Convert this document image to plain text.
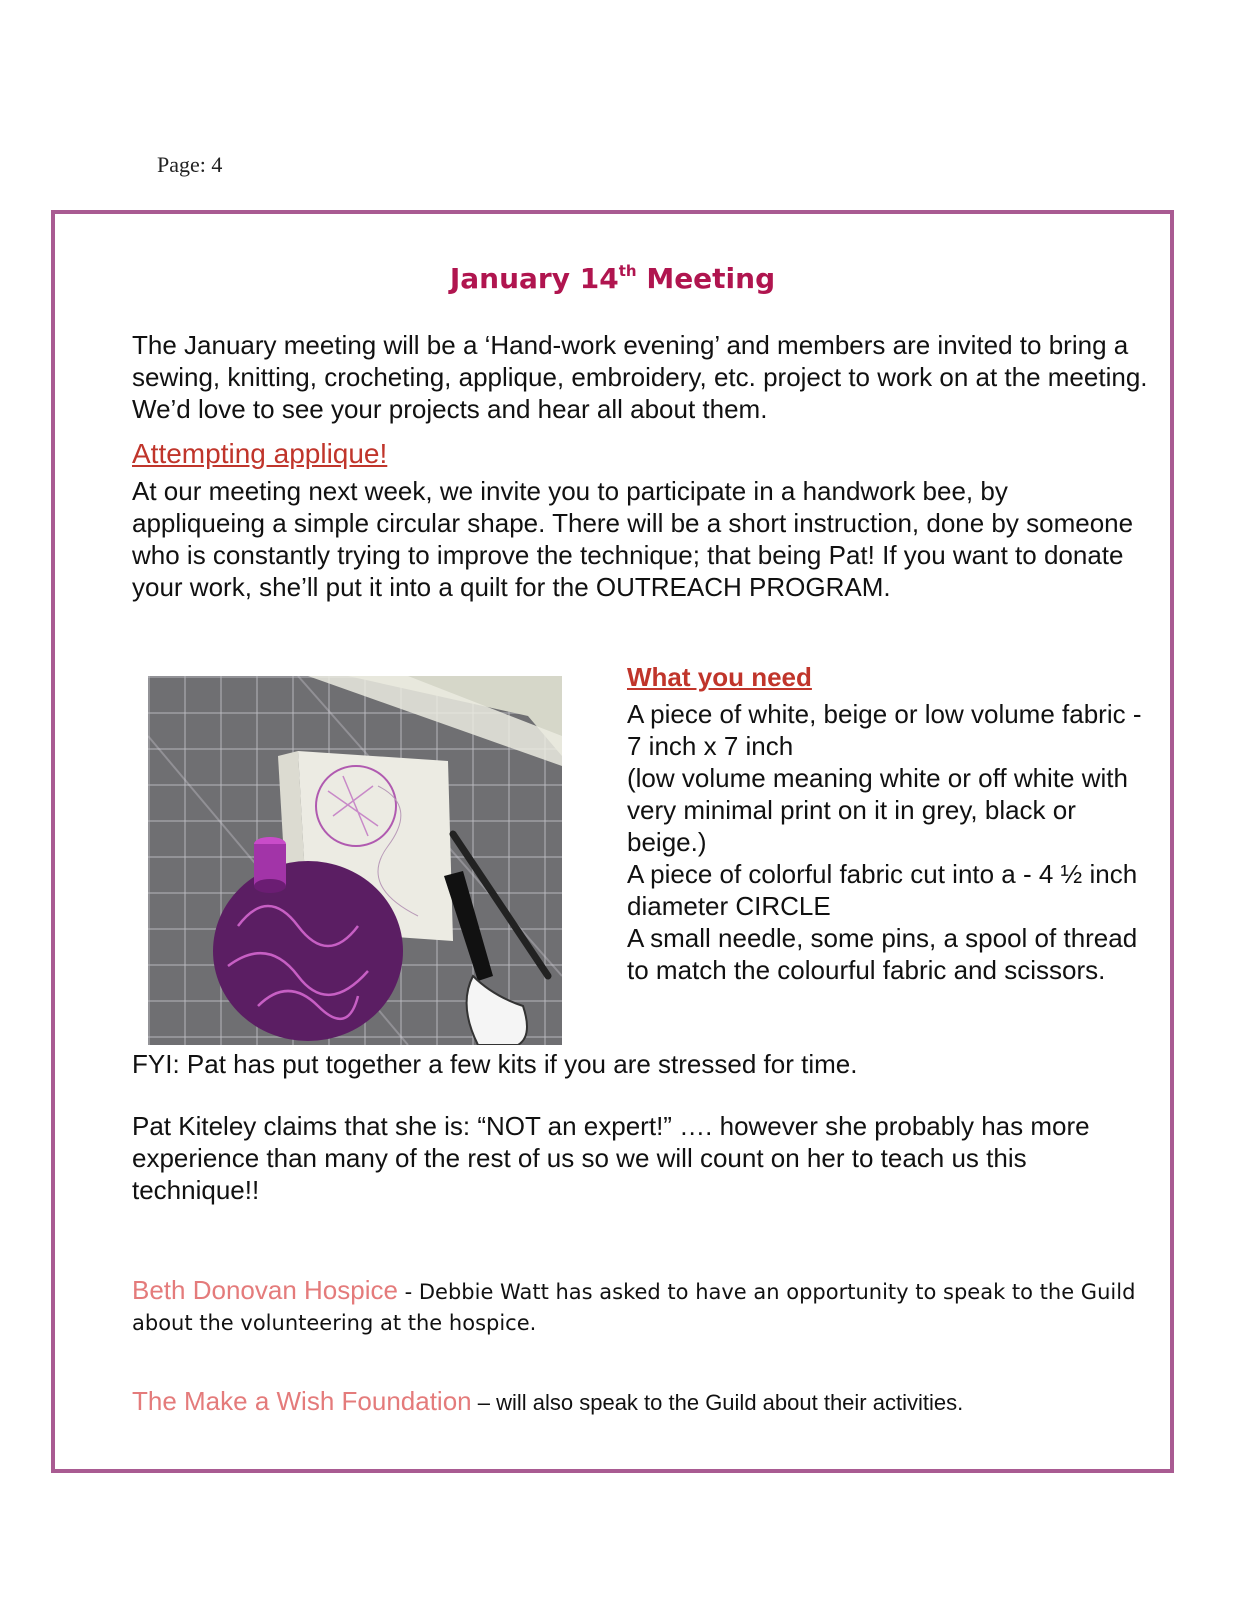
Page: 4
January 14th Meeting
The January meeting will be a ‘Hand-work evening’ and members are invited to bring a sewing, knitting, crocheting, applique, embroidery, etc. project to work on at the meeting. We’d love to see your projects and hear all about them.
Attempting applique!
At our meeting next week, we invite you to participate in a handwork bee, by appliqueing a simple circular shape. There will be a short instruction, done by someone who is constantly trying to improve the technique; that being Pat! If you want to donate your work, she’ll put it into a quilt for the OUTREACH PROGRAM.
What you need
A piece of white, beige or low volume fabric - 7 inch x 7 inch
(low volume meaning white or off white with very minimal print on it in grey, black or beige.)
A piece of colorful fabric cut into a - 4 ½ inch diameter CIRCLE
A small needle, some pins, a spool of thread to match the colourful fabric and scissors.
FYI: Pat has put together a few kits if you are stressed for time.
Pat Kiteley claims that she is: “NOT an expert!” …. however she probably has more experience than many of the rest of us so we will count on her to teach us this technique!!
Beth Donovan Hospice - Debbie Watt has asked to have an opportunity to speak to the Guild about the volunteering at the hospice.
The Make a Wish Foundation – will also speak to the Guild about their activities.
